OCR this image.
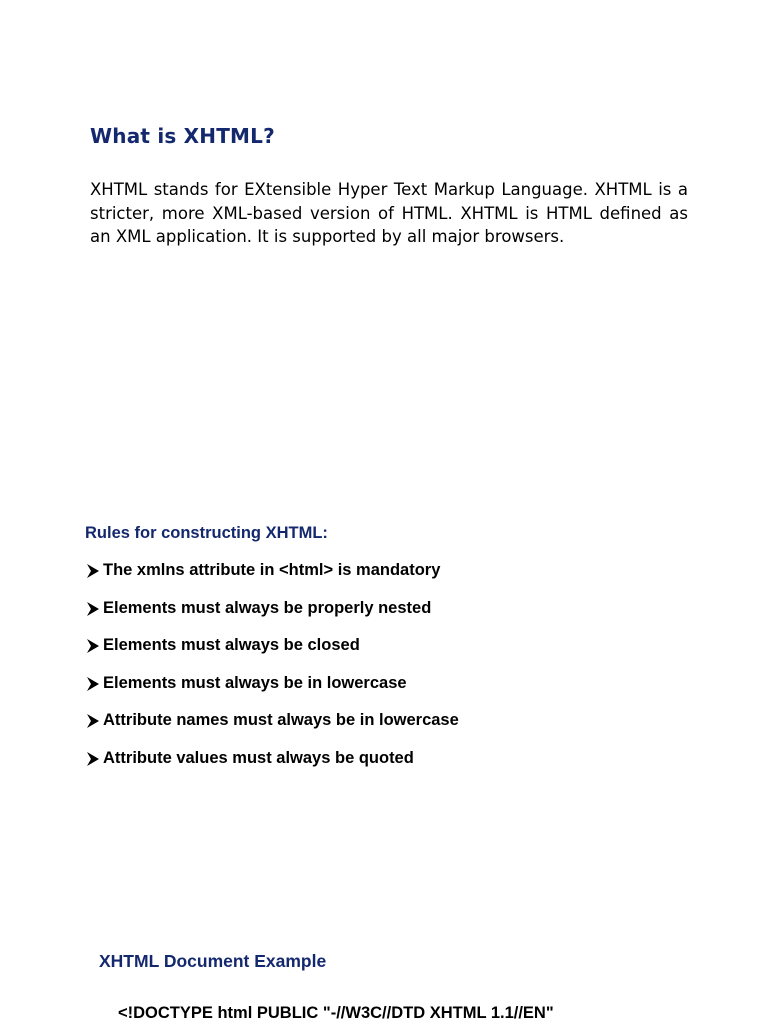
What is XHTML?

XHTML stands for EXtensible Hyper Text Markup Language. XHTML is a stricter, more XML-based version of HTML. XHTML is HTML defined as an XML application. It is supported by all major browsers.

Rules for constructing XHTML:
The xmlns attribute in <html> is mandatory
Elements must always be properly nested
Elements must always be closed
Elements must always be in lowercase
Attribute names must always be in lowercase
Attribute values must always be quoted
XHTML Document Example

<!DOCTYPE html PUBLIC "-//W3C//DTD XHTML 1.1//EN"
